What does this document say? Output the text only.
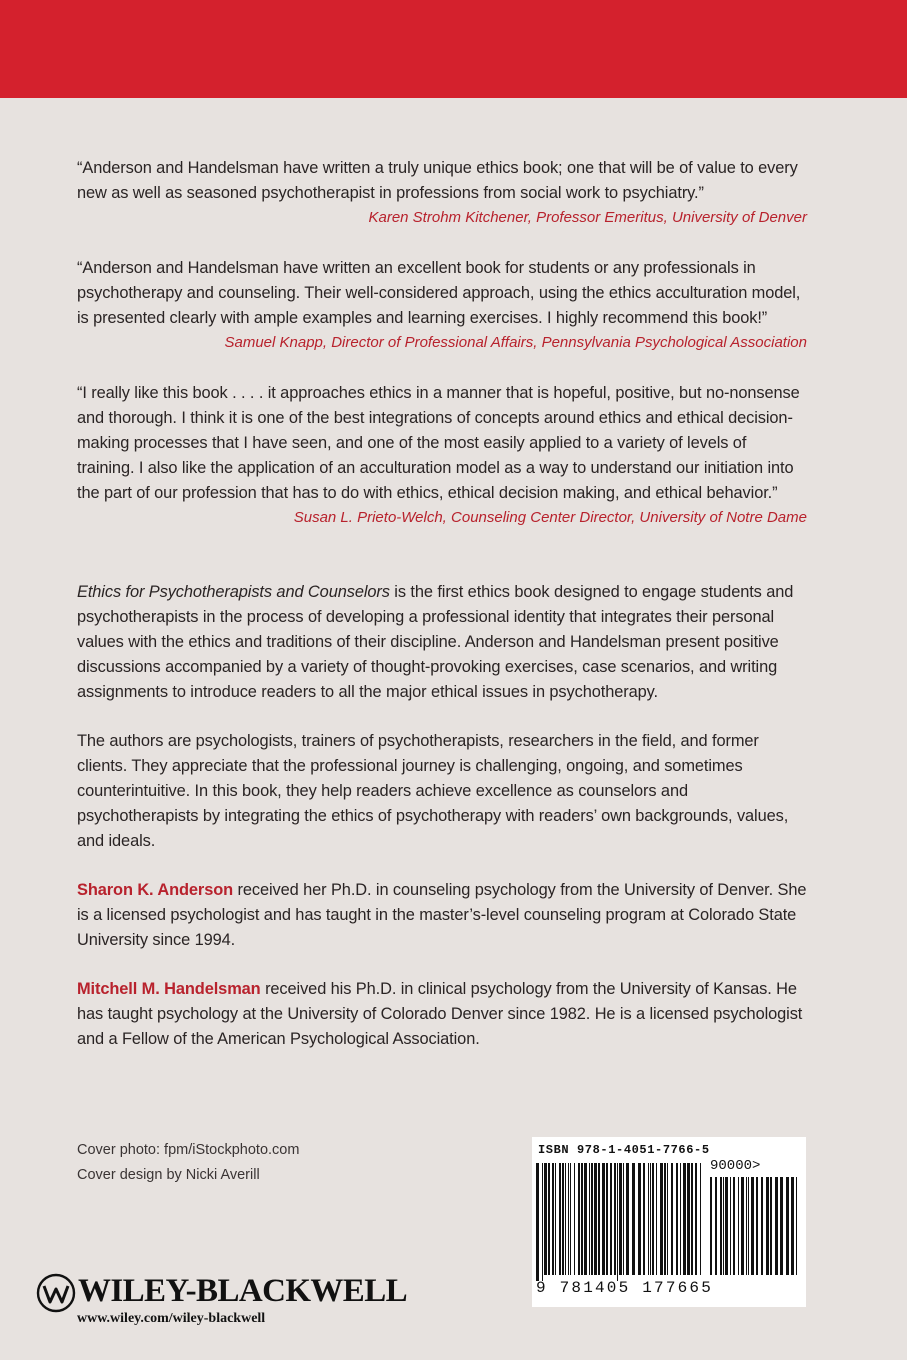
“Anderson and Handelsman have written a truly unique ethics book; one that will be of value to every new as well as seasoned psychotherapist in professions from social work to psychiatry.”

Karen Strohm Kitchener, Professor Emeritus, University of Denver

“Anderson and Handelsman have written an excellent book for students or any professionals in psychotherapy and counseling. Their well-considered approach, using the ethics acculturation model, is presented clearly with ample examples and learning exercises. I highly recommend this book!”

Samuel Knapp, Director of Professional Affairs, Pennsylvania Psychological Association

“I really like this book . . . . it approaches ethics in a manner that is hopeful, positive, but no-nonsense and thorough. I think it is one of the best integrations of concepts around ethics and ethical decision-making processes that I have seen, and one of the most easily applied to a variety of levels of training. I also like the application of an acculturation model as a way to understand our initiation into the part of our profession that has to do with ethics, ethical decision making, and ethical behavior.”

Susan L. Prieto-Welch, Counseling Center Director, University of Notre Dame

Ethics for Psychotherapists and Counselors is the first ethics book designed to engage students and psychotherapists in the process of developing a professional identity that integrates their personal values with the ethics and traditions of their discipline. Anderson and Handelsman present positive discussions accompanied by a variety of thought-provoking exercises, case scenarios, and writing assignments to introduce readers to all the major ethical issues in psychotherapy.

The authors are psychologists, trainers of psychotherapists, researchers in the field, and former clients. They appreciate that the professional journey is challenging, ongoing, and sometimes counterintuitive. In this book, they help readers achieve excellence as counselors and psychotherapists by integrating the ethics of psychotherapy with readers’ own backgrounds, values, and ideals.

Sharon K. Anderson received her Ph.D. in counseling psychology from the University of Denver. She is a licensed psychologist and has taught in the master’s-level counseling program at Colorado State University since 1994.

Mitchell M. Handelsman received his Ph.D. in clinical psychology from the University of Kansas. He has taught psychology at the University of Colorado Denver since 1982. He is a licensed psychologist and a Fellow of the American Psychological Association.

Cover photo: fpm/iStockphoto.com
Cover design by Nicki Averill
ISBN 978-1-4051-7766-5
90000>
9 781405 177665
WILEY-BLACKWELL
www.wiley.com/wiley-blackwell
